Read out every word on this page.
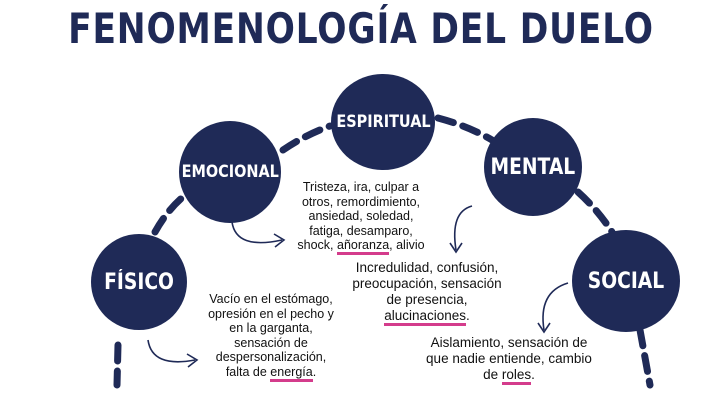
FENOMENOLOGÍA DEL DUELO
FÍSICO
EMOCIONAL
ESPIRITUAL
MENTAL
SOCIAL
Vacío en el estómago,
opresión en el pecho y
en la garganta,
sensación de
despersonalización,
falta de energía.
Tristeza, ira, culpar a
otros, remordimiento,
ansiedad, soledad,
fatiga, desamparo,
shock, añoranza, alivio
Incredulidad, confusión,
preocupación, sensación
de presencia,
alucinaciones.
Aislamiento, sensación de
que nadie entiende, cambio
de roles.
